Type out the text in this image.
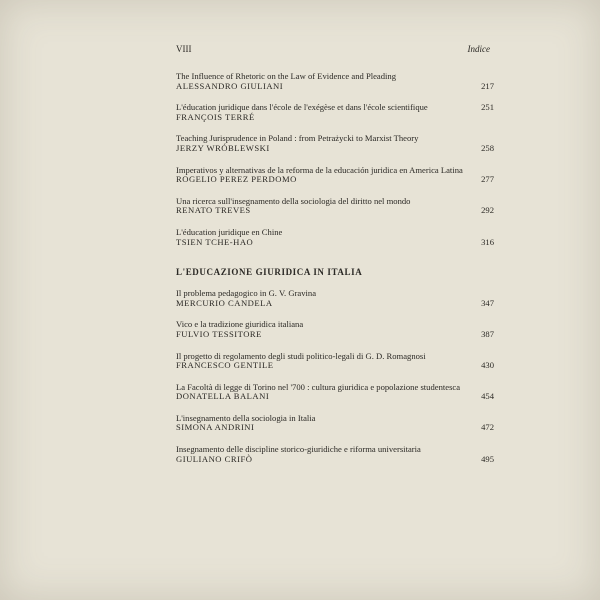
VIII	Indice
The Influence of Rhetoric on the Law of Evidence and Pleading
ALESSANDRO GIULIANI	217
L'éducation juridique dans l'école de l'exégèse et dans l'école scientifique	251
FRANÇOIS TERRÉ
Teaching Jurisprudence in Poland : from Petrażycki to Marxist Theory
JERZY WRÓBLEWSKI	258
Imperativos y alternativas de la reforma de la educación juridica en America Latina
ROGELIO PEREZ PERDOMO	277
Una ricerca sull'insegnamento della sociologia del diritto nel mondo
RENATO TREVES	292
L'éducation juridique en Chine
TSIEN TCHE-HAO	316
L'EDUCAZIONE GIURIDICA IN ITALIA
Il problema pedagogico in G. V. Gravina
MERCURIO CANDELA	347
Vico e la tradizione giuridica italiana
FULVIO TESSITORE	387
Il progetto di regolamento degli studi politico-legali di G. D. Romagnosi
FRANCESCO GENTILE	430
La Facoltà di legge di Torino nel '700 : cultura giuridica e popolazione studentesca
DONATELLA BALANI	454
L'insegnamento della sociologia in Italia
SIMONA ANDRINI	472
Insegnamento delle discipline storico-giuridiche e riforma universitaria
GIULIANO CRIFÒ	495
